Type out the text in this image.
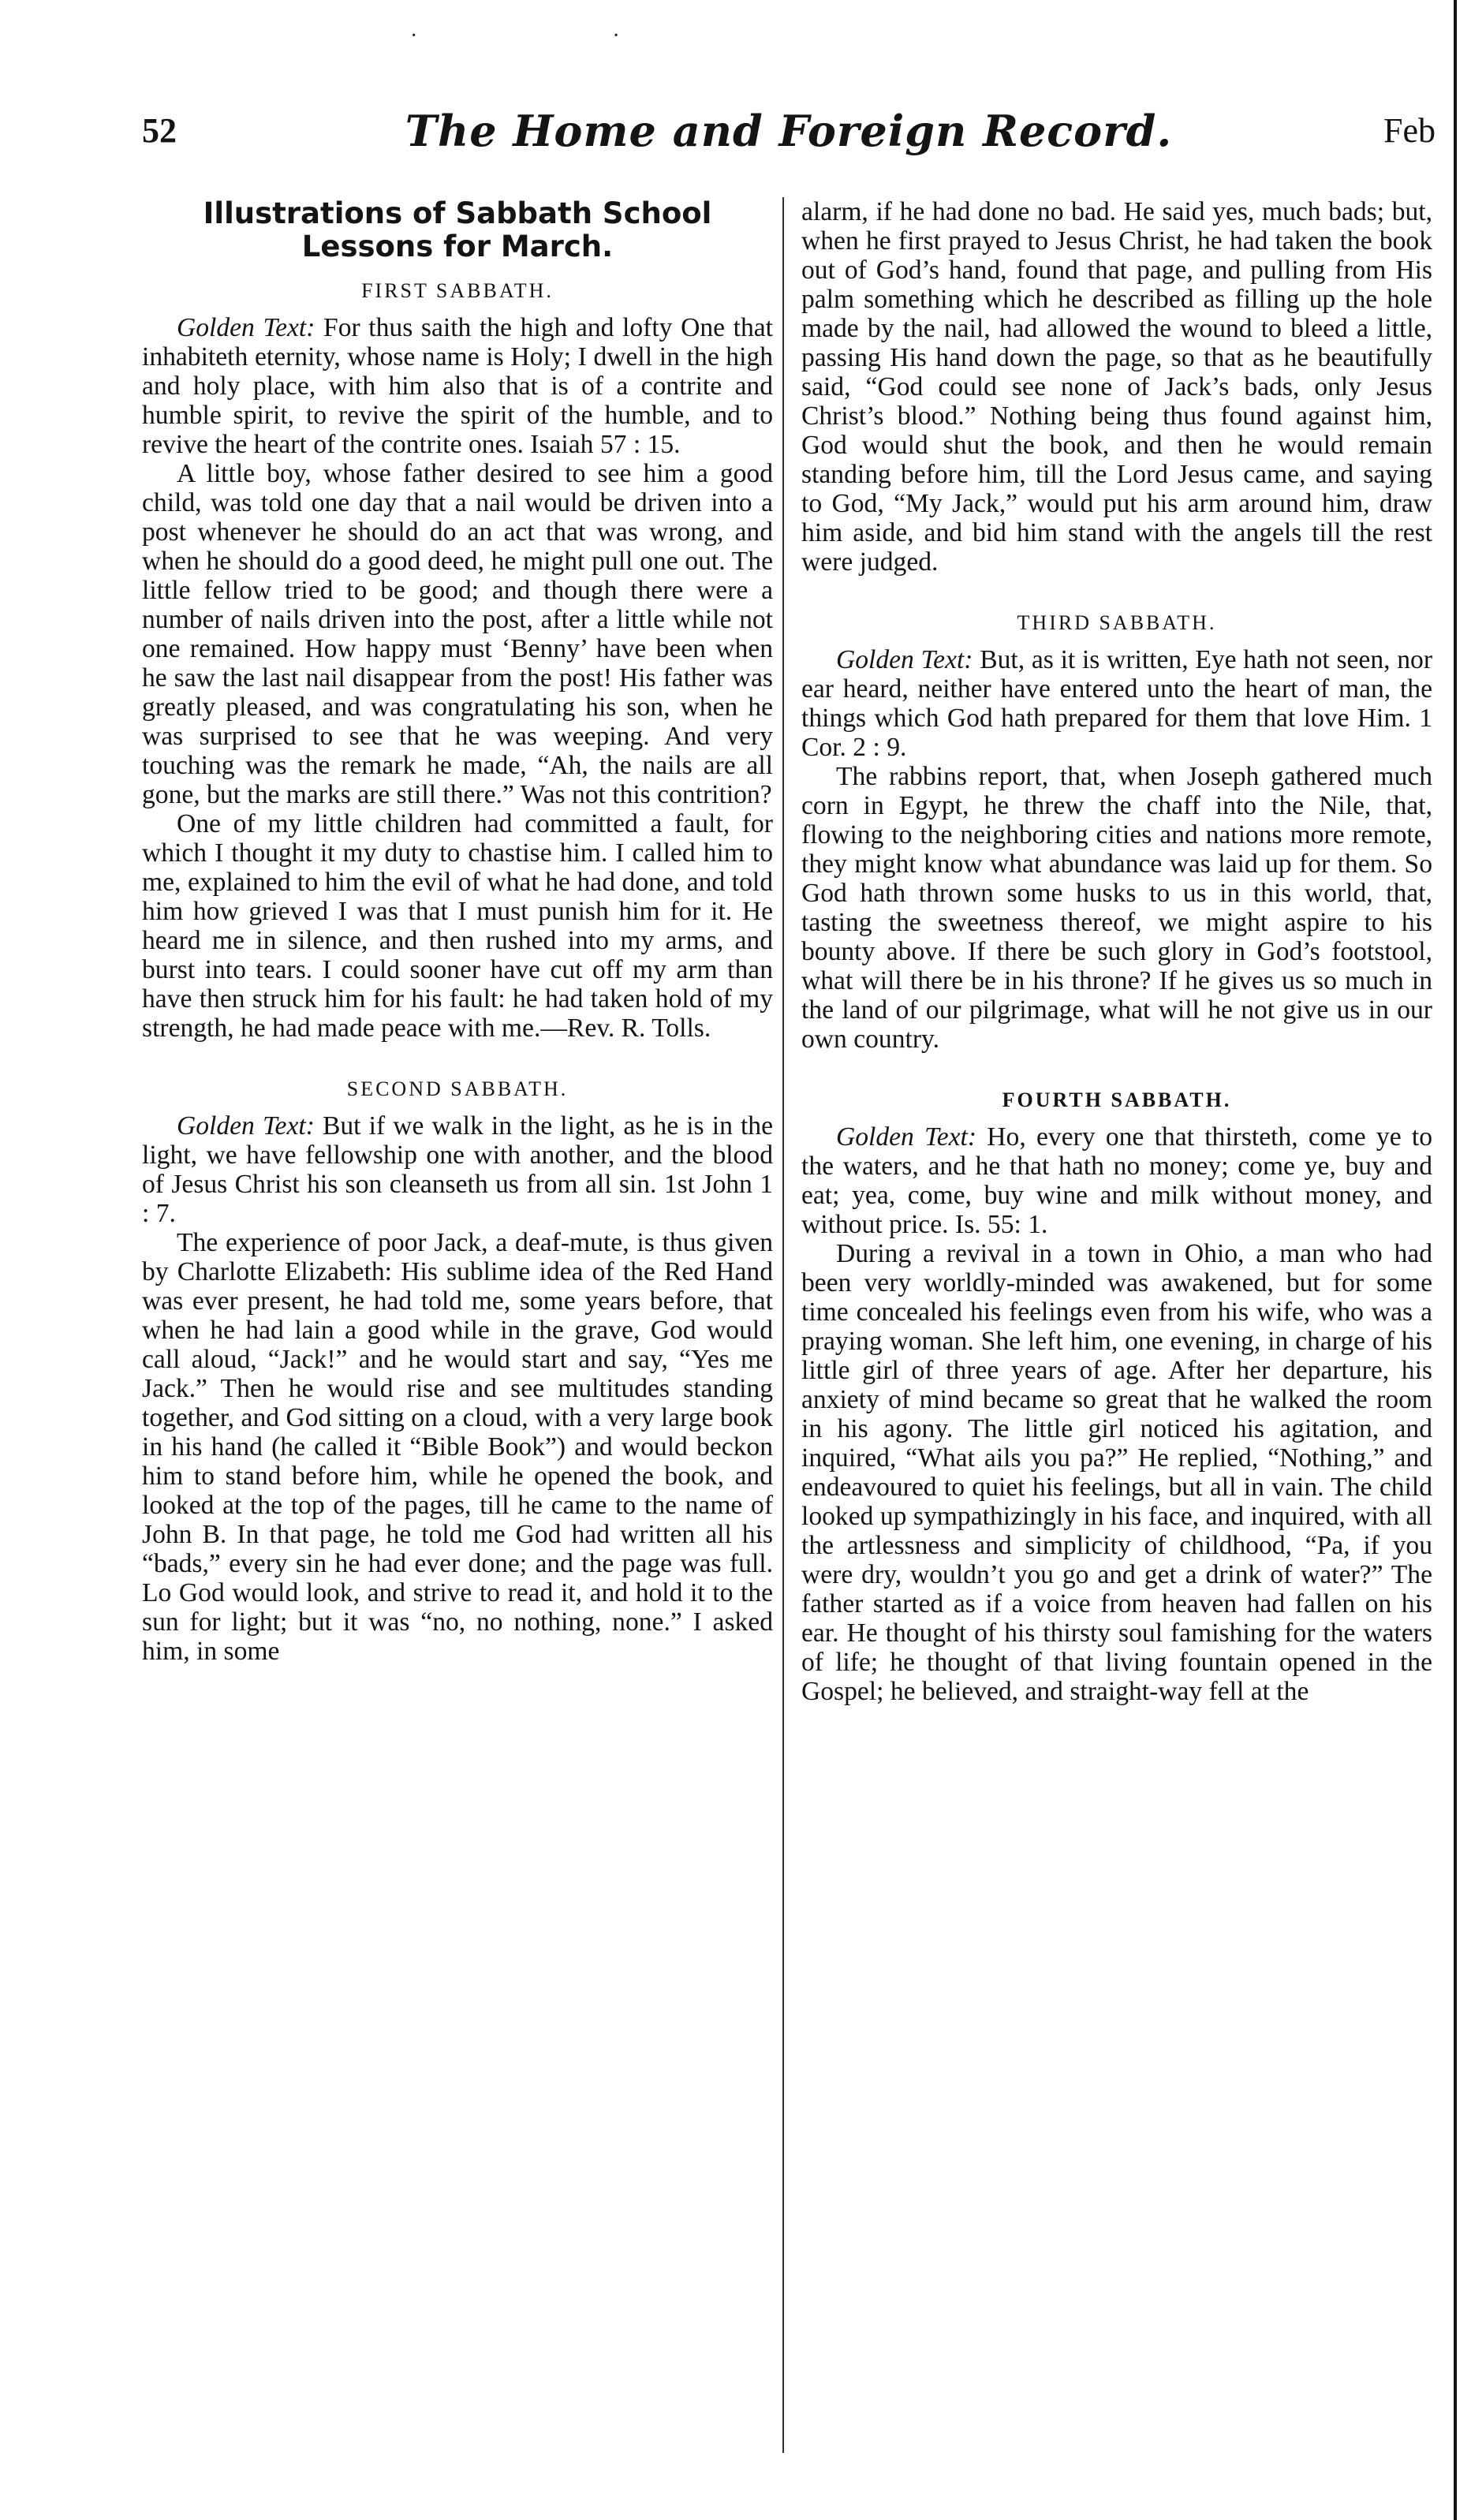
· ·
52	The Home and Foreign Record.	Feb
Illustrations of Sabbath School Lessons for March.
FIRST SABBATH.

Golden Text: For thus saith the high and lofty One that inhabiteth eternity, whose name is Holy; I dwell in the high and holy place, with him also that is of a contrite and humble spirit, to revive the spirit of the humble, and to revive the heart of the contrite ones. Isaiah 57 : 15.

A little boy, whose father desired to see him a good child, was told one day that a nail would be driven into a post whenever he should do an act that was wrong, and when he should do a good deed, he might pull one out. The little fellow tried to be good; and though there were a number of nails driven into the post, after a little while not one remained. How happy must ‘Benny’ have been when he saw the last nail disappear from the post! His father was greatly pleased, and was congratulating his son, when he was surprised to see that he was weeping. And very touching was the remark he made, “Ah, the nails are all gone, but the marks are still there.” Was not this contrition?

One of my little children had committed a fault, for which I thought it my duty to chastise him. I called him to me, explained to him the evil of what he had done, and told him how grieved I was that I must punish him for it. He heard me in silence, and then rushed into my arms, and burst into tears. I could sooner have cut off my arm than have then struck him for his fault: he had taken hold of my strength, he had made peace with me.—Rev. R. Tolls.

SECOND SABBATH.

Golden Text: But if we walk in the light, as he is in the light, we have fellowship one with another, and the blood of Jesus Christ his son cleanseth us from all sin. 1st John 1 : 7.

The experience of poor Jack, a deaf-mute, is thus given by Charlotte Elizabeth: His sublime idea of the Red Hand was ever present, he had told me, some years before, that when he had lain a good while in the grave, God would call aloud, “Jack!” and he would start and say, “Yes me Jack.” Then he would rise and see multitudes standing together, and God sitting on a cloud, with a very large book in his hand (he called it “Bible Book”) and would beckon him to stand before him, while he opened the book, and looked at the top of the pages, till he came to the name of John B. In that page, he told me God had written all his “bads,” every sin he had ever done; and the page was full. Lo God would look, and strive to read it, and hold it to the sun for light; but it was “no, no nothing, none.” I asked him, in some

alarm, if he had done no bad. He said yes, much bads; but, when he first prayed to Jesus Christ, he had taken the book out of God’s hand, found that page, and pulling from His palm something which he described as filling up the hole made by the nail, had allowed the wound to bleed a little, passing His hand down the page, so that as he beautifully said, “God could see none of Jack’s bads, only Jesus Christ’s blood.” Nothing being thus found against him, God would shut the book, and then he would remain standing before him, till the Lord Jesus came, and saying to God, “My Jack,” would put his arm around him, draw him aside, and bid him stand with the angels till the rest were judged.

THIRD SABBATH.

Golden Text: But, as it is written, Eye hath not seen, nor ear heard, neither have entered unto the heart of man, the things which God hath prepared for them that love Him. 1 Cor. 2 : 9.

The rabbins report, that, when Joseph gathered much corn in Egypt, he threw the chaff into the Nile, that, flowing to the neighboring cities and nations more remote, they might know what abundance was laid up for them. So God hath thrown some husks to us in this world, that, tasting the sweetness thereof, we might aspire to his bounty above. If there be such glory in God’s footstool, what will there be in his throne? If he gives us so much in the land of our pilgrimage, what will he not give us in our own country.

FOURTH SABBATH.

Golden Text: Ho, every one that thirsteth, come ye to the waters, and he that hath no money; come ye, buy and eat; yea, come, buy wine and milk without money, and without price. Is. 55: 1.

During a revival in a town in Ohio, a man who had been very worldly-minded was awakened, but for some time concealed his feelings even from his wife, who was a praying woman. She left him, one evening, in charge of his little girl of three years of age. After her departure, his anxiety of mind became so great that he walked the room in his agony. The little girl noticed his agitation, and inquired, “What ails you pa?” He replied, “Nothing,” and endeavoured to quiet his feelings, but all in vain. The child looked up sympathizingly in his face, and inquired, with all the artlessness and simplicity of childhood, “Pa, if you were dry, wouldn’t you go and get a drink of water?” The father started as if a voice from heaven had fallen on his ear. He thought of his thirsty soul famishing for the waters of life; he thought of that living fountain opened in the Gospel; he believed, and straight-way fell at the
